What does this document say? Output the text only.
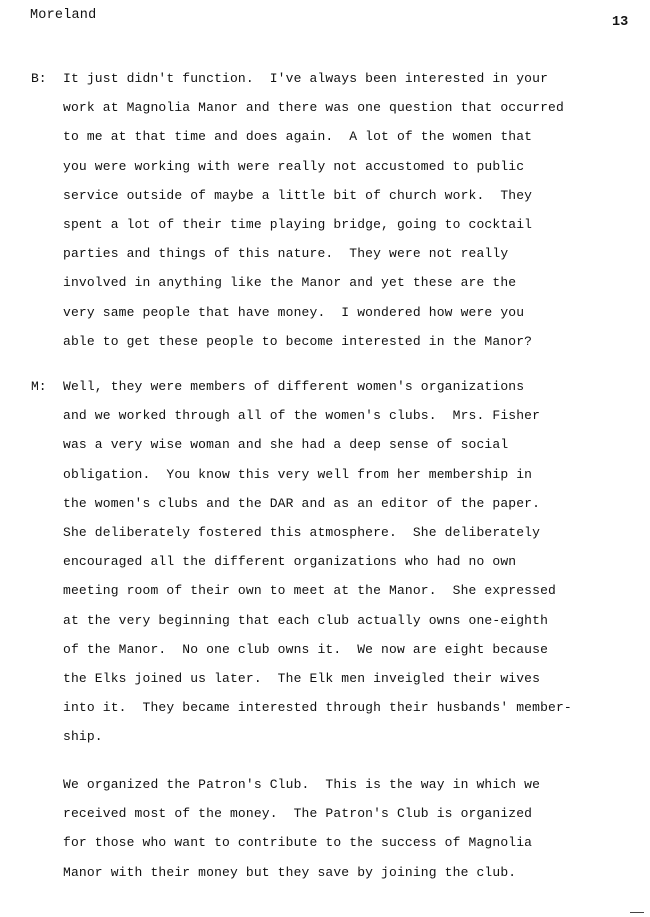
Moreland	13
B: It just didn't function.  I've always been interested in your
work at Magnolia Manor and there was one question that occurred
to me at that time and does again.  A lot of the women that
you were working with were really not accustomed to public
service outside of maybe a little bit of church work.  They
spent a lot of their time playing bridge, going to cocktail
parties and things of this nature.  They were not really
involved in anything like the Manor and yet these are the
very same people that have money.  I wondered how were you
able to get these people to become interested in the Manor?
M: Well, they were members of different women's organizations
and we worked through all of the women's clubs.  Mrs. Fisher
was a very wise woman and she had a deep sense of social
obligation.  You know this very well from her membership in
the women's clubs and the DAR and as an editor of the paper.
She deliberately fostered this atmosphere.  She deliberately
encouraged all the different organizations who had no own
meeting room of their own to meet at the Manor.  She expressed
at the very beginning that each club actually owns one-eighth
of the Manor.  No one club owns it.  We now are eight because
the Elks joined us later.  The Elk men inveigled their wives
into it.  They became interested through their husbands' member-
ship.
We organized the Patron's Club.  This is the way in which we
received most of the money.  The Patron's Club is organized
for those who want to contribute to the success of Magnolia
Manor with their money but they save by joining the club.
